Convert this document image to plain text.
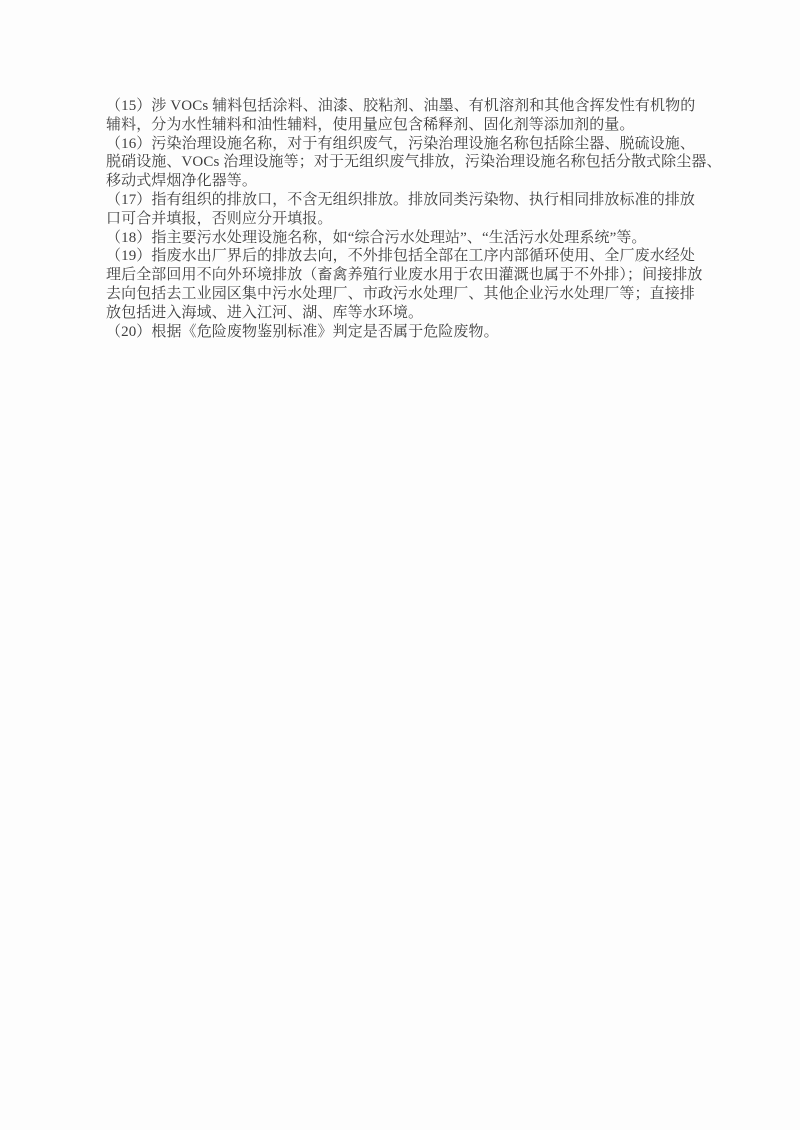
（15）涉 VOCs 辅料包括涂料、油漆、胶粘剂、油墨、有机溶剂和其他含挥发性有机物的
辅料，分为水性辅料和油性辅料，使用量应包含稀释剂、固化剂等添加剂的量。
（16）污染治理设施名称，对于有组织废气，污染治理设施名称包括除尘器、脱硫设施、
脱硝设施、VOCs 治理设施等；对于无组织废气排放，污染治理设施名称包括分散式除尘器、
移动式焊烟净化器等。
（17）指有组织的排放口，不含无组织排放。排放同类污染物、执行相同排放标准的排放
口可合并填报，否则应分开填报。
（18）指主要污水处理设施名称，如“综合污水处理站”、“生活污水处理系统”等。
（19）指废水出厂界后的排放去向，不外排包括全部在工序内部循环使用、全厂废水经处
理后全部回用不向外环境排放（畜禽养殖行业废水用于农田灌溉也属于不外排）；间接排放
去向包括去工业园区集中污水处理厂、市政污水处理厂、其他企业污水处理厂等；直接排
放包括进入海域、进入江河、湖、库等水环境。
（20）根据《危险废物鉴别标准》判定是否属于危险废物。
